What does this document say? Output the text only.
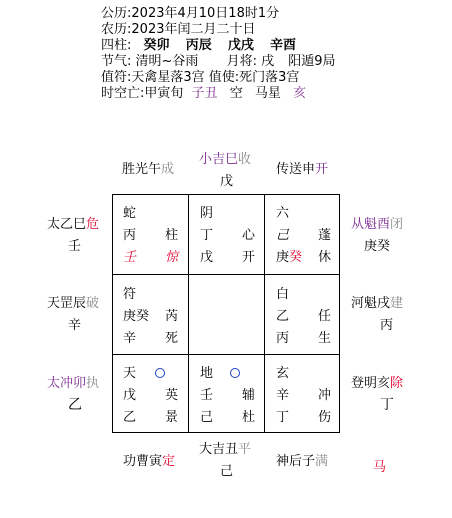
公历:2023年4月10日18时1分
农历:2023年闰二月二十日
四柱: 癸卯 丙辰 戊戌 辛酉
节气: 清明~谷雨 月将: 戌 阳遁9局
值符:天禽星落3宫 值使:死门落3宫
时空亡:甲寅旬 子丑 空 马星 亥
胜光午成
小吉巳收
戊
传送申开
太乙巳危
壬
天罡辰破
辛
太冲卯执
乙
从魁酉闭
庚癸
河魁戌建
丙
登明亥除
丁
功曹寅定
大吉丑平
己
神后子满	马
蛇
丙 柱
壬 惊
阴
丁 心
戊 开
六
己 蓬
庚癸 休
符
庚癸 芮
辛 死
白
乙 任
丙 生
天
戊 英
乙 景
地
壬 辅
己 杜
玄
辛 冲
丁 伤
